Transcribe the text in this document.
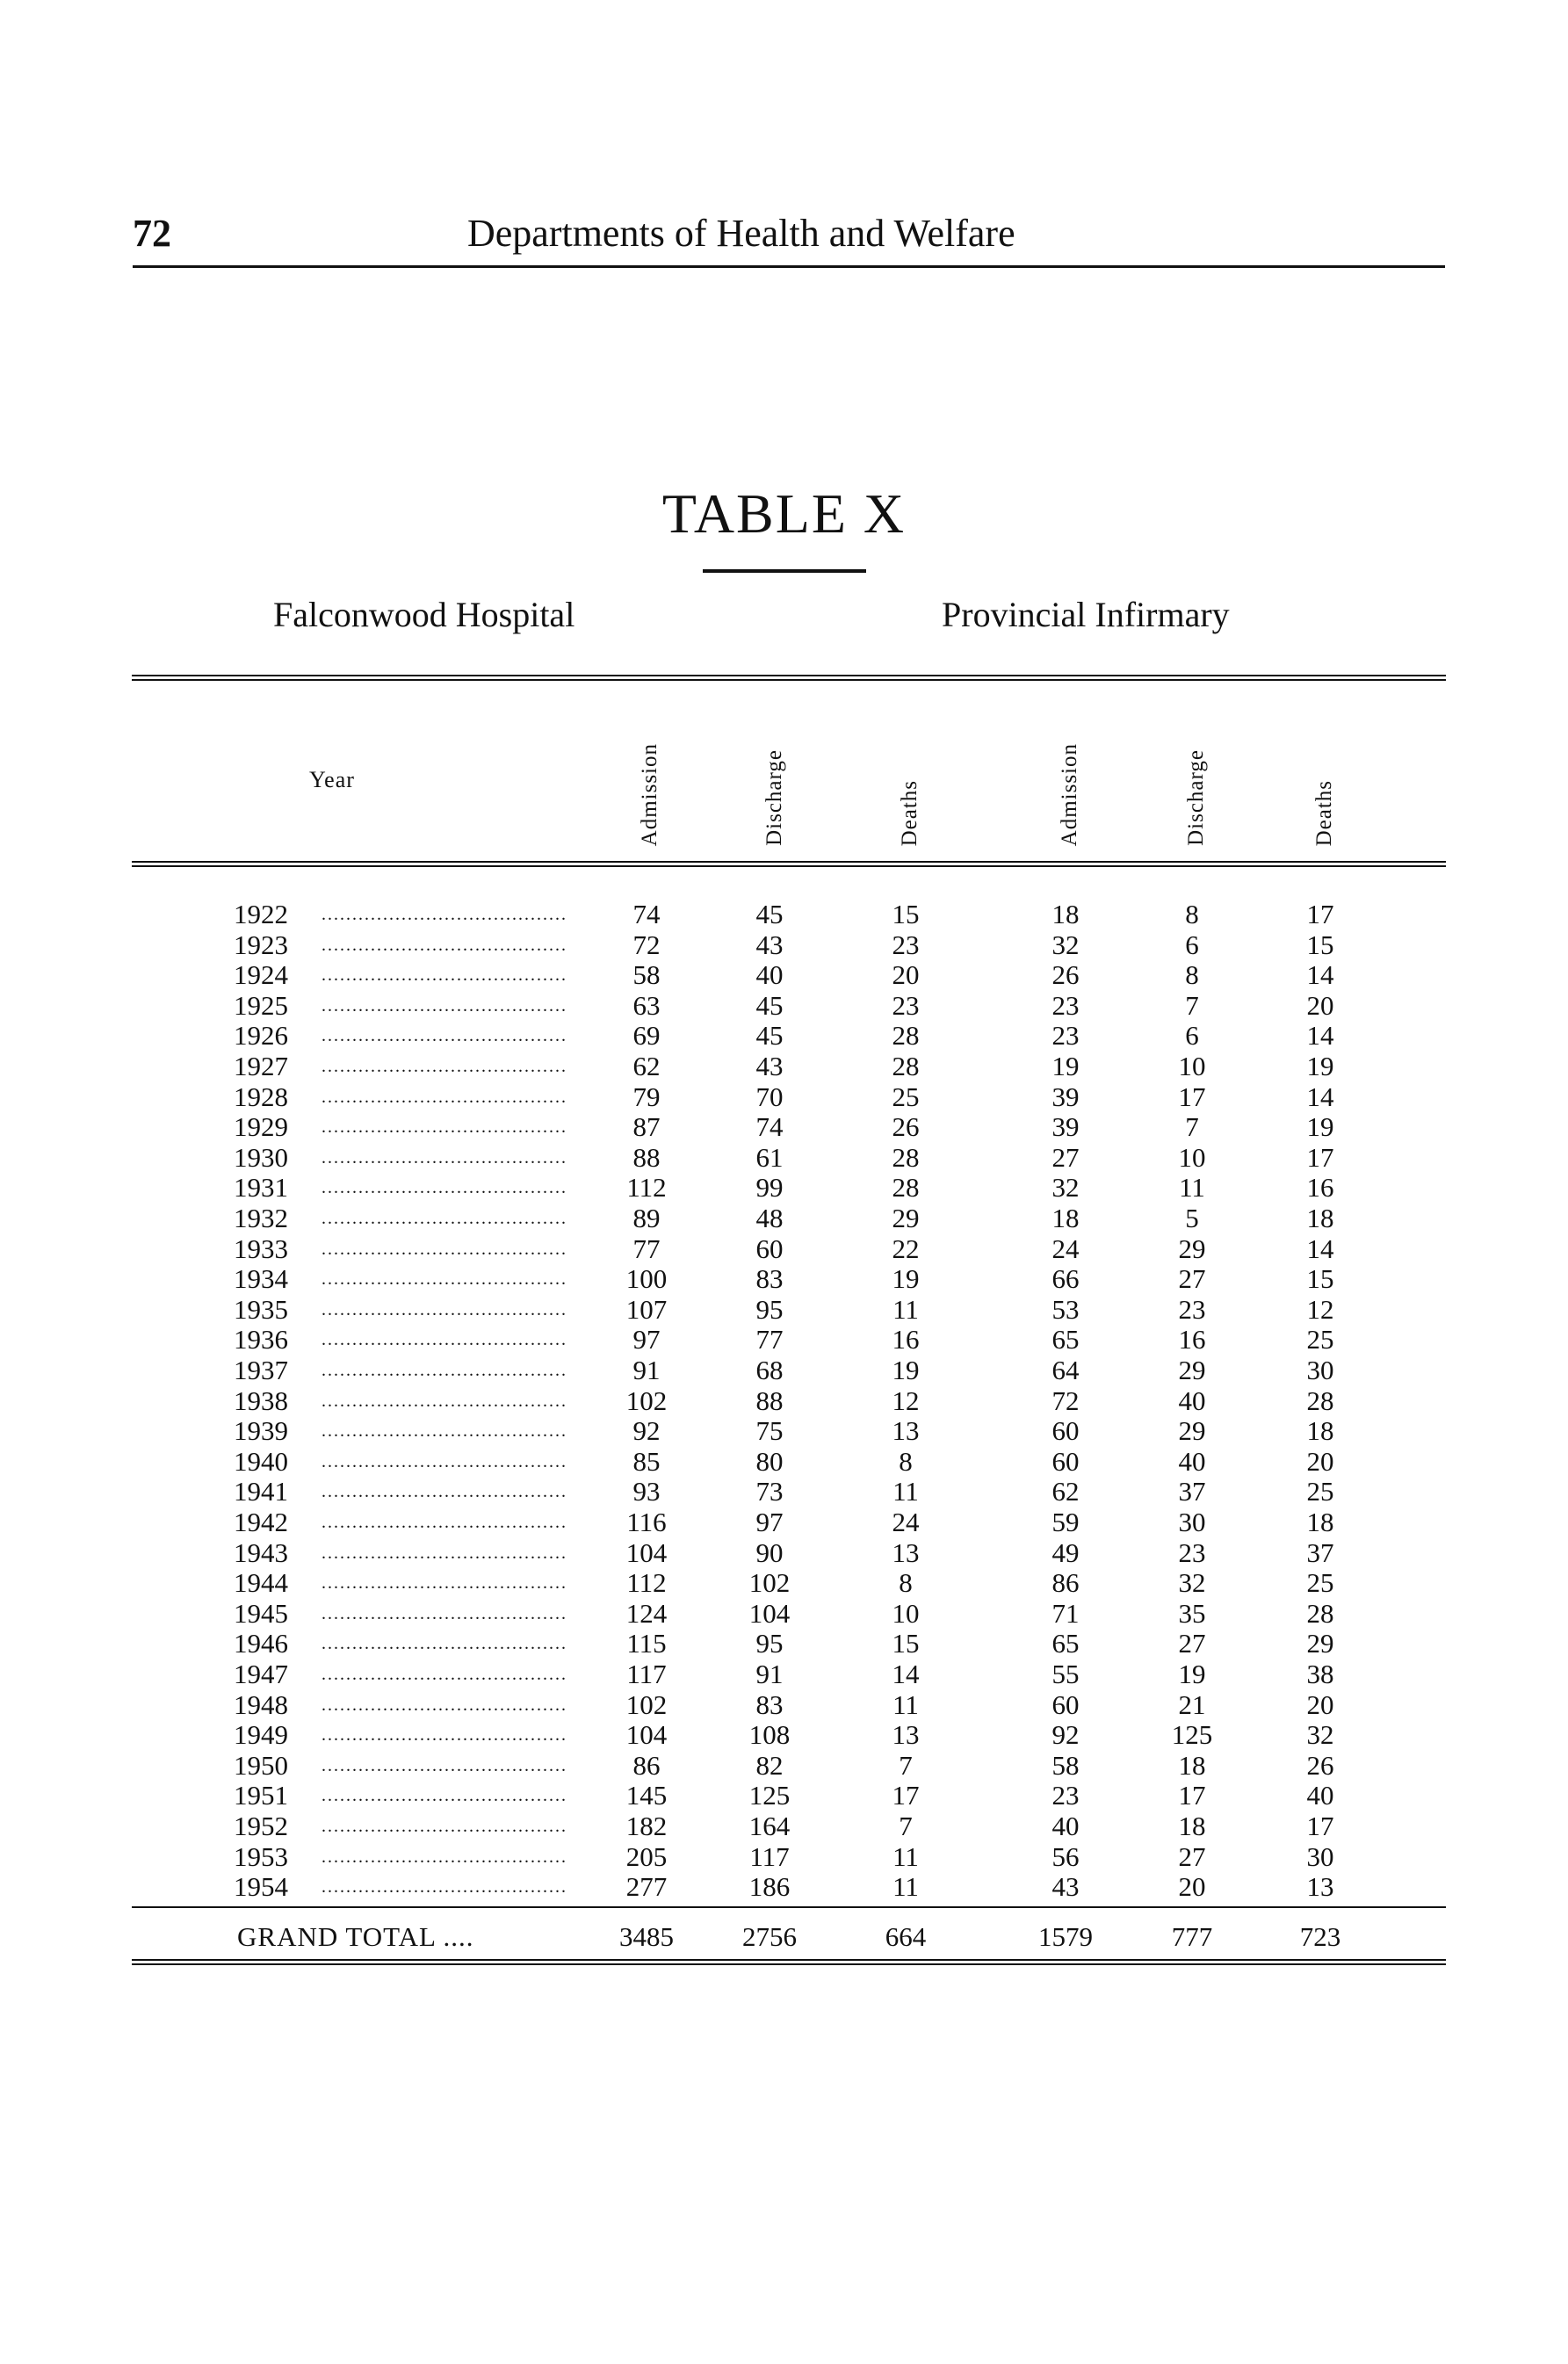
72	Departments of Health and Welfare
TABLE X
Falconwood Hospital	Provincial Infirmary
Year	Admission	Discharge	Deaths	Admission	Discharge	Deaths
1922 ........................................	74	45	15	18	8	17
1923 ........................................	72	43	23	32	6	15
1924 ........................................	58	40	20	26	8	14
1925 ........................................	63	45	23	23	7	20
1926 ........................................	69	45	28	23	6	14
1927 ........................................	62	43	28	19	10	19
1928 ........................................	79	70	25	39	17	14
1929 ........................................	87	74	26	39	7	19
1930 ........................................	88	61	28	27	10	17
1931 ........................................	112	99	28	32	11	16
1932 ........................................	89	48	29	18	5	18
1933 ........................................	77	60	22	24	29	14
1934 ........................................	100	83	19	66	27	15
1935 ........................................	107	95	11	53	23	12
1936 ........................................	97	77	16	65	16	25
1937 ........................................	91	68	19	64	29	30
1938 ........................................	102	88	12	72	40	28
1939 ........................................	92	75	13	60	29	18
1940 ........................................	85	80	8	60	40	20
1941 ........................................	93	73	11	62	37	25
1942 ........................................	116	97	24	59	30	18
1943 ........................................	104	90	13	49	23	37
1944 ........................................	112	102	8	86	32	25
1945 ........................................	124	104	10	71	35	28
1946 ........................................	115	95	15	65	27	29
1947 ........................................	117	91	14	55	19	38
1948 ........................................	102	83	11	60	21	20
1949 ........................................	104	108	13	92	125	32
1950 ........................................	86	82	7	58	18	26
1951 ........................................	145	125	17	23	17	40
1952 ........................................	182	164	7	40	18	17
1953 ........................................	205	117	11	56	27	30
1954 ........................................	277	186	11	43	20	13
GRAND TOTAL ....	3485	2756	664	1579	777	723
